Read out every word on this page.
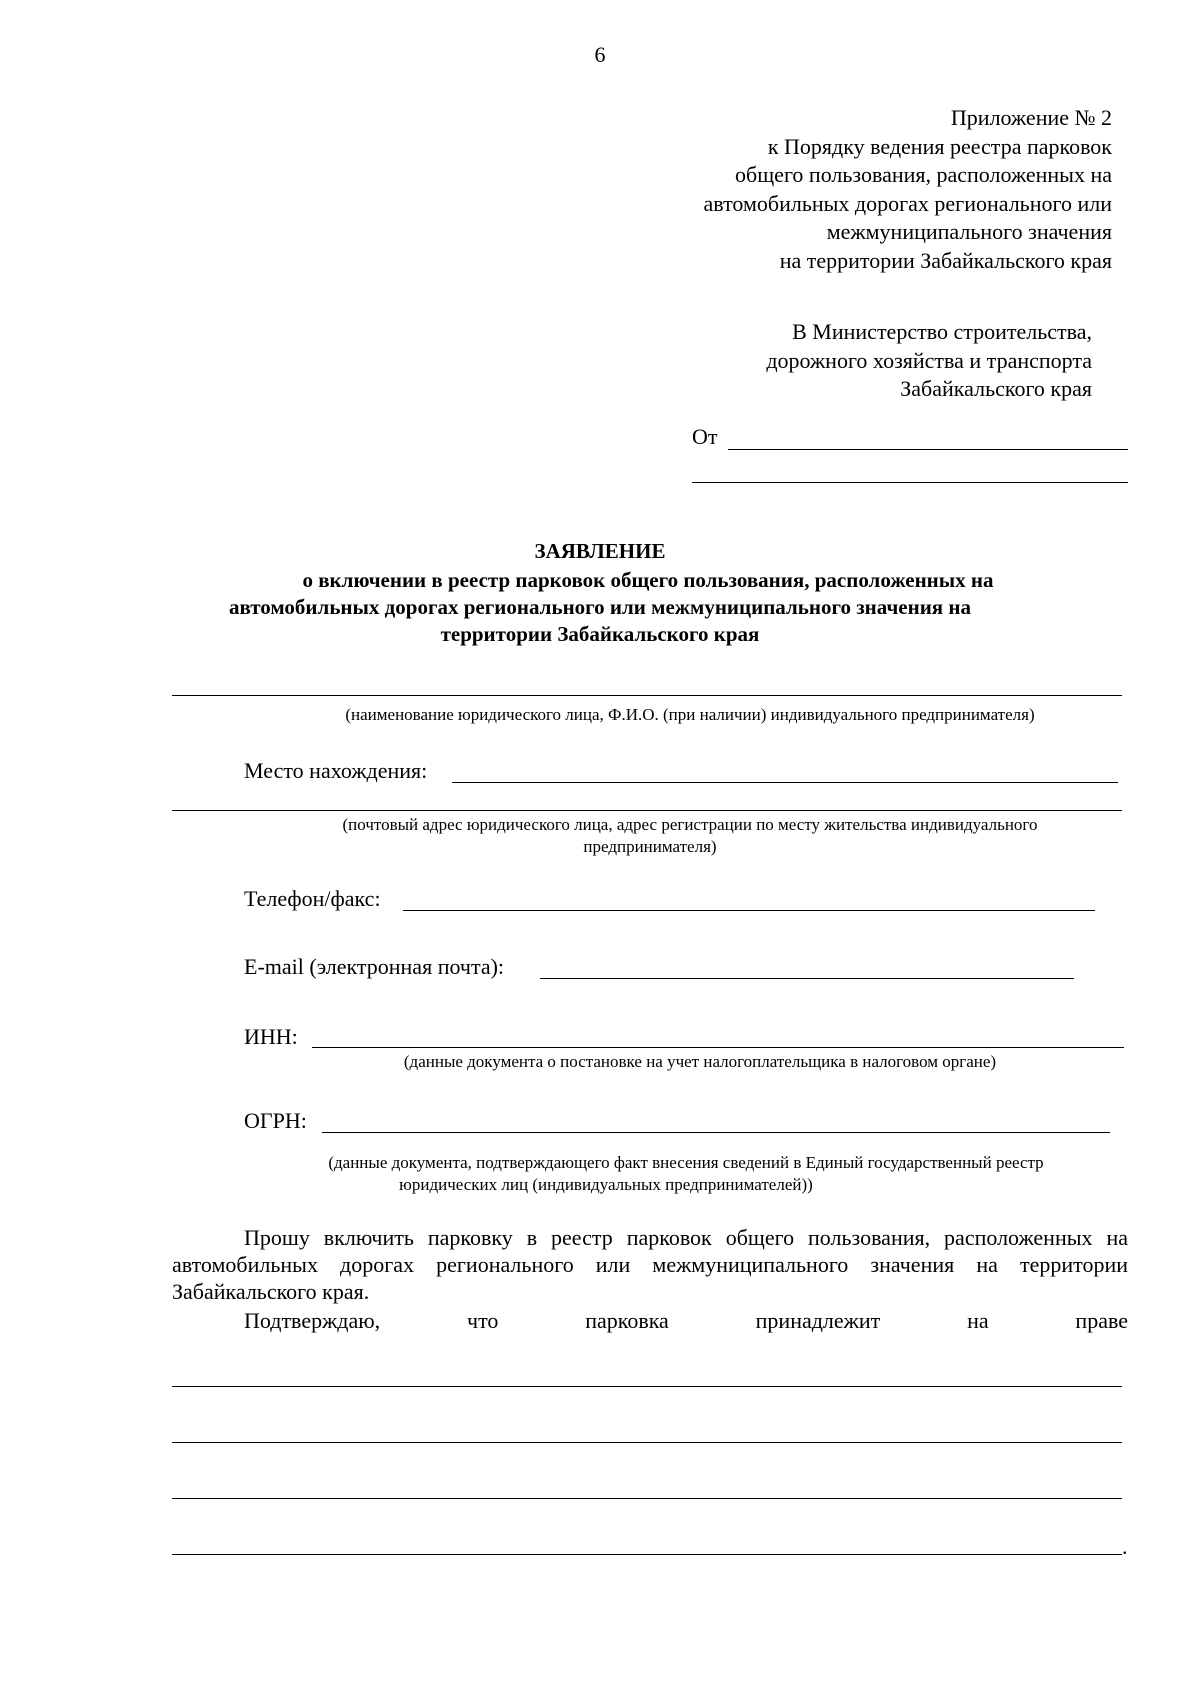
6
Приложение № 2
к Порядку ведения реестра парковок
общего пользования, расположенных на
автомобильных дорогах регионального или
межмуниципального значения
на территории Забайкальского края
В Министерство строительства,
дорожного хозяйства и транспорта
Забайкальского края
От
ЗАЯВЛЕНИЕ
о включении в реестр парковок общего пользования, расположенных на
автомобильных дорогах регионального или межмуниципального значения на
территории Забайкальского края
(наименование юридического лица, Ф.И.О. (при наличии) индивидуального предпринимателя)
Место нахождения:
(почтовый адрес юридического лица, адрес регистрации по месту жительства индивидуального
предпринимателя)
Телефон/факс:
E-mail (электронная почта):
ИНН:
(данные документа о постановке на учет налогоплательщика в налоговом органе)
ОГРН:
(данные документа, подтверждающего факт внесения сведений в Единый государственный реестр
юридических лиц (индивидуальных предпринимателей))
Прошу включить парковку в реестр парковок общего пользования, расположенных на автомобильных дорогах регионального или межмуниципального значения на территории Забайкальского края.
Подтверждаю,	что	парковка	принадлежит	на	праве
.
